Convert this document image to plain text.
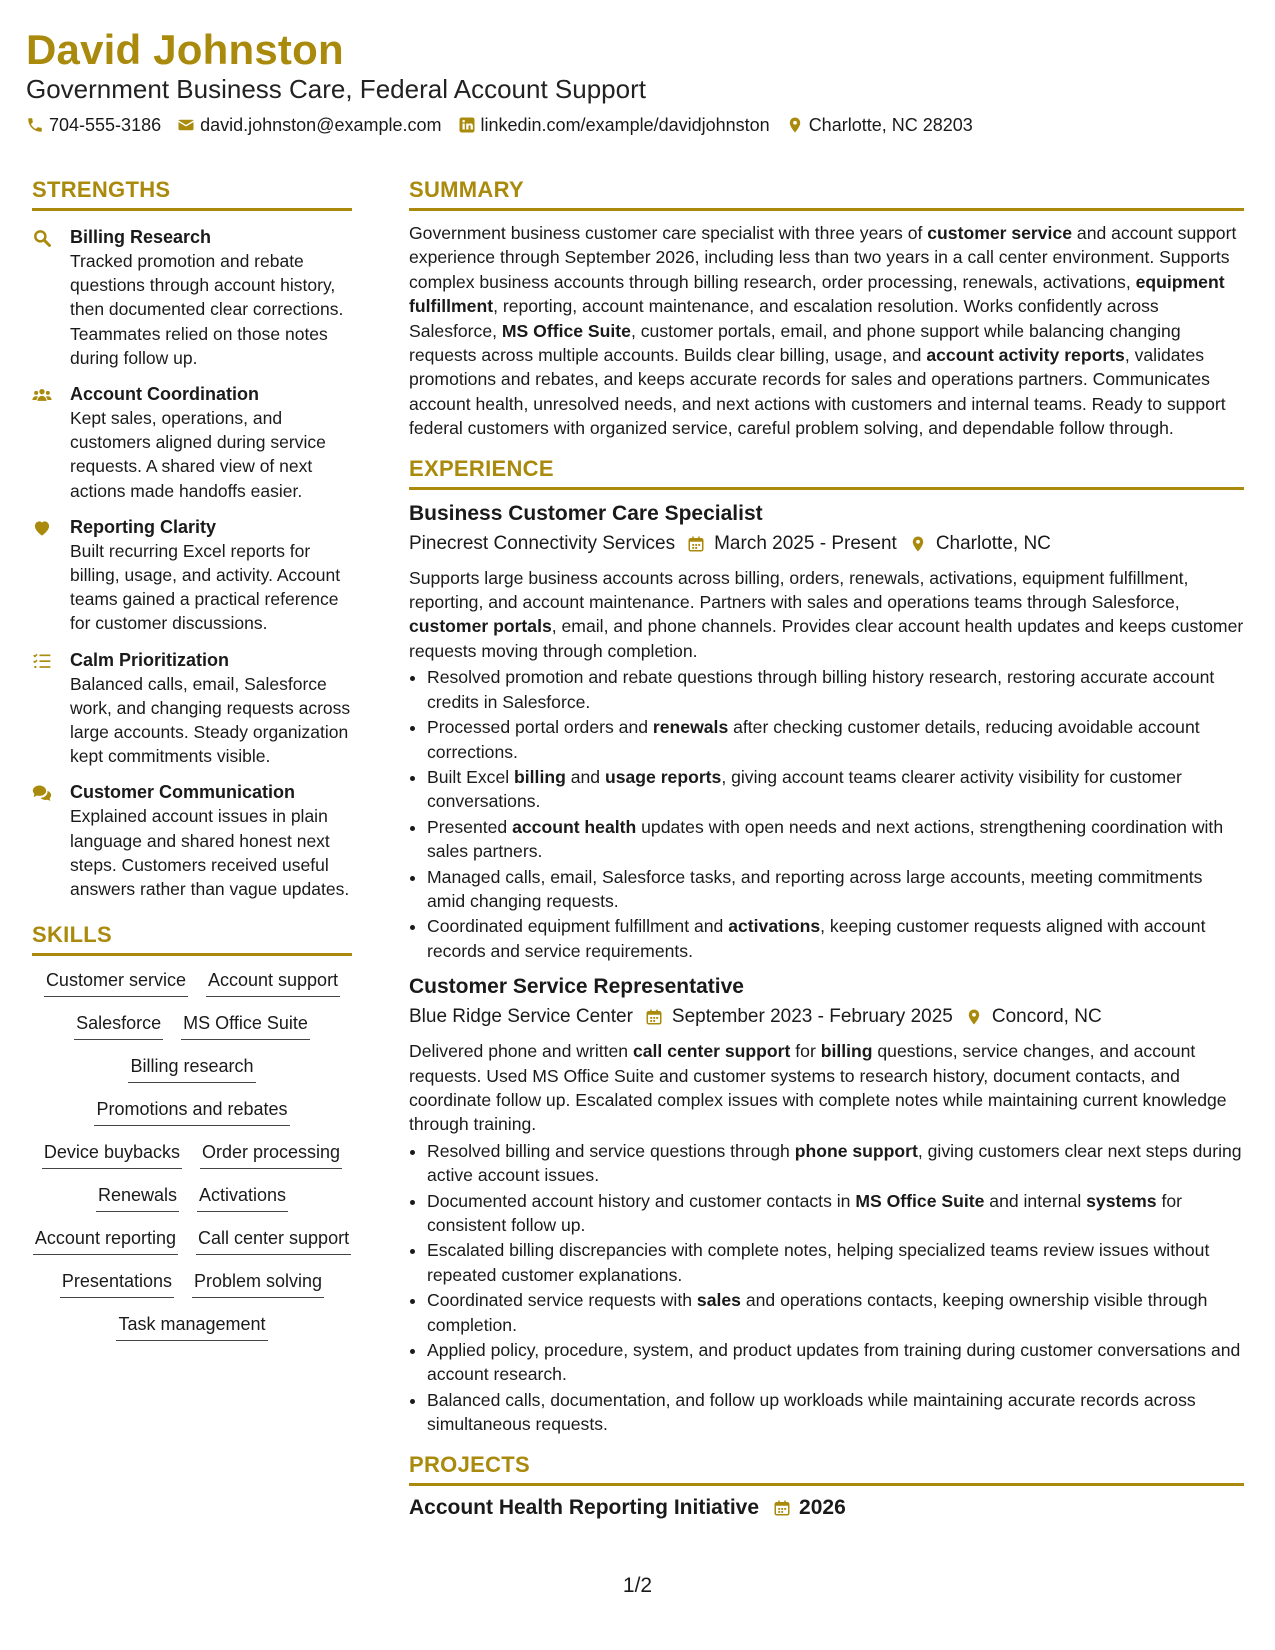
David Johnston
Government Business Care, Federal Account Support
704-555-3186 david.johnston@example.com linkedin.com/example/davidjohnston Charlotte, NC 28203
STRENGTHS
Billing Research
Tracked promotion and rebate questions through account history, then documented clear corrections. Teammates relied on those notes during follow up.
Account Coordination
Kept sales, operations, and customers aligned during service requests. A shared view of next actions made handoffs easier.
Reporting Clarity
Built recurring Excel reports for billing, usage, and activity. Account teams gained a practical reference for customer discussions.
Calm Prioritization
Balanced calls, email, Salesforce work, and changing requests across large accounts. Steady organization kept commitments visible.
Customer Communication
Explained account issues in plain language and shared honest next steps. Customers received useful answers rather than vague updates.
SKILLS
Customer service Account support
Salesforce MS Office Suite
Billing research
Promotions and rebates
Device buybacks Order processing
Renewals Activations
Account reporting Call center support
Presentations Problem solving
Task management
SUMMARY
Government business customer care specialist with three years of customer service and account support experience through September 2026, including less than two years in a call center environment. Supports complex business accounts through billing research, order processing, renewals, activations, equipment fulfillment, reporting, account maintenance, and escalation resolution. Works confidently across Salesforce, MS Office Suite, customer portals, email, and phone support while balancing changing requests across multiple accounts. Builds clear billing, usage, and account activity reports, validates promotions and rebates, and keeps accurate records for sales and operations partners. Communicates account health, unresolved needs, and next actions with customers and internal teams. Ready to support federal customers with organized service, careful problem solving, and dependable follow through.
EXPERIENCE
Business Customer Care Specialist
Pinecrest Connectivity Services March 2025 - Present Charlotte, NC
Supports large business accounts across billing, orders, renewals, activations, equipment fulfillment, reporting, and account maintenance. Partners with sales and operations teams through Salesforce, customer portals, email, and phone channels. Provides clear account health updates and keeps customer requests moving through completion.
• Resolved promotion and rebate questions through billing history research, restoring accurate account credits in Salesforce.
• Processed portal orders and renewals after checking customer details, reducing avoidable account corrections.
• Built Excel billing and usage reports, giving account teams clearer activity visibility for customer conversations.
• Presented account health updates with open needs and next actions, strengthening coordination with sales partners.
• Managed calls, email, Salesforce tasks, and reporting across large accounts, meeting commitments amid changing requests.
• Coordinated equipment fulfillment and activations, keeping customer requests aligned with account records and service requirements.
Customer Service Representative
Blue Ridge Service Center September 2023 - February 2025 Concord, NC
Delivered phone and written call center support for billing questions, service changes, and account requests. Used MS Office Suite and customer systems to research history, document contacts, and coordinate follow up. Escalated complex issues with complete notes while maintaining current knowledge through training.
• Resolved billing and service questions through phone support, giving customers clear next steps during active account issues.
• Documented account history and customer contacts in MS Office Suite and internal systems for consistent follow up.
• Escalated billing discrepancies with complete notes, helping specialized teams review issues without repeated customer explanations.
• Coordinated service requests with sales and operations contacts, keeping ownership visible through completion.
• Applied policy, procedure, system, and product updates from training during customer conversations and account research.
• Balanced calls, documentation, and follow up workloads while maintaining accurate records across simultaneous requests.
PROJECTS
Account Health Reporting Initiative 2026
1/2
